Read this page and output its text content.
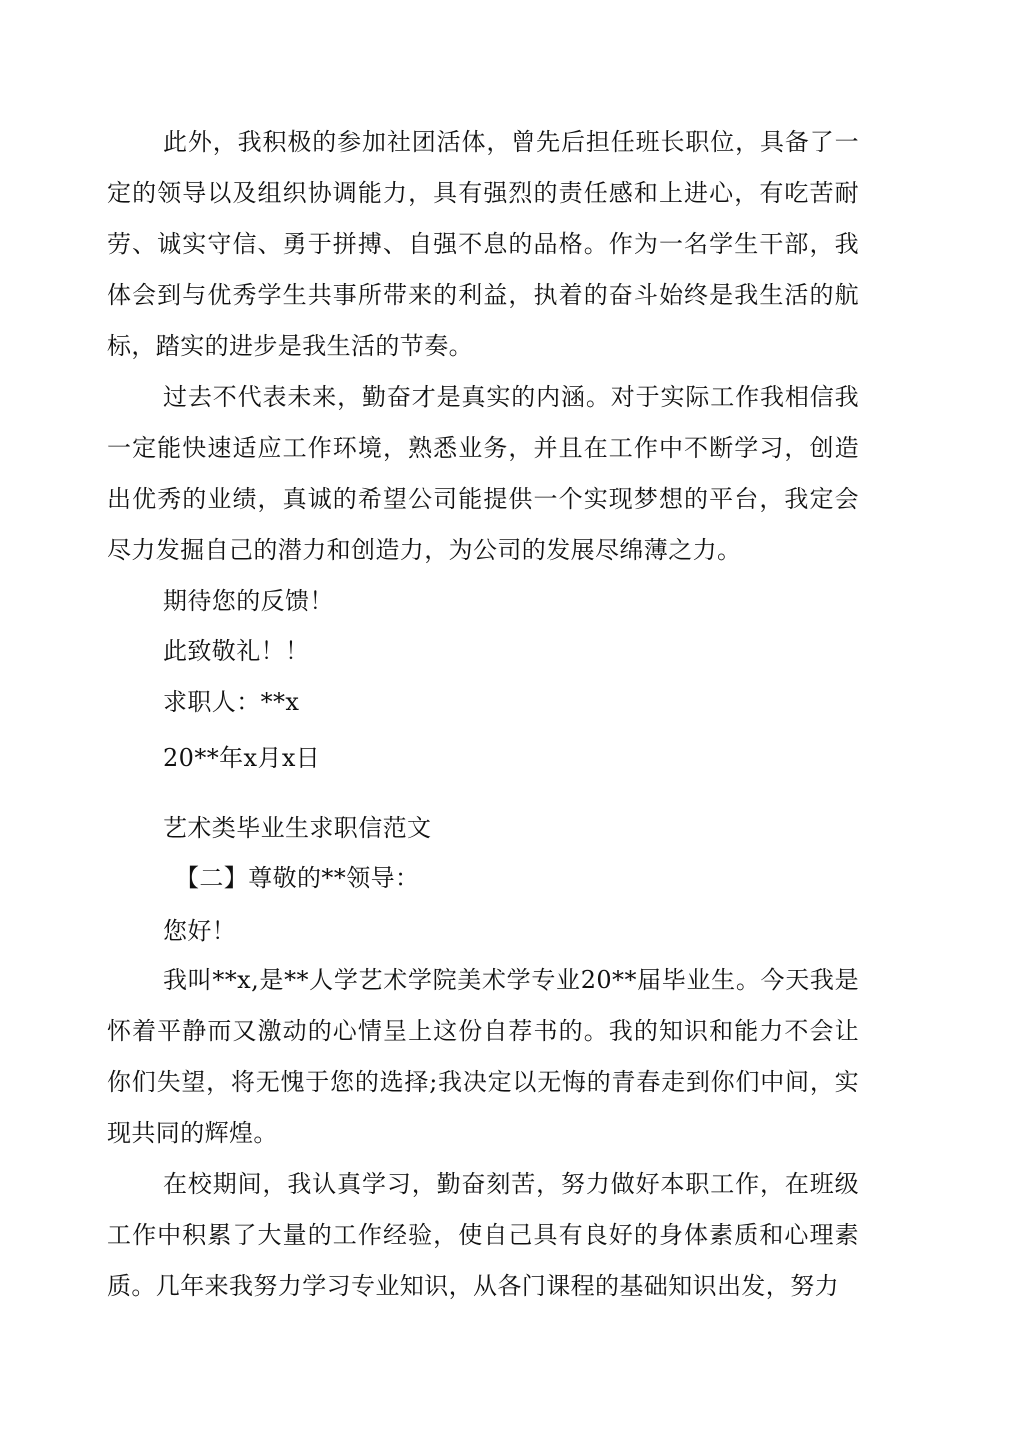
此外，我积极的参加社团活体，曾先后担任班长职位，具备了一定的领导以及组织协调能力，具有强烈的责任感和上进心，有吃苦耐劳、诚实守信、勇于拼搏、自强不息的品格。作为一名学生干部，我体会到与优秀学生共事所带来的利益，执着的奋斗始终是我生活的航标，踏实的进步是我生活的节奏。

过去不代表未来，勤奋才是真实的内涵。对于实际工作我相信我一定能快速适应工作环境，熟悉业务，并且在工作中不断学习，创造出优秀的业绩，真诚的希望公司能提供一个实现梦想的平台，我定会尽力发掘自己的潜力和创造力，为公司的发展尽绵薄之力。

期待您的反馈！

此致敬礼！！

求职人：**x

20**年x月x日

艺术类毕业生求职信范文

【二】尊敬的**领导：

您好！

我叫**x,是**人学艺术学院美术学专业20**届毕业生。今天我是怀着平静而又激动的心情呈上这份自荐书的。我的知识和能力不会让你们失望，将无愧于您的选择;我决定以无悔的青春走到你们中间，实现共同的辉煌。

在校期间，我认真学习，勤奋刻苦，努力做好本职工作，在班级工作中积累了大量的工作经验，使自己具有良好的身体素质和心理素质。几年来我努力学习专业知识，从各门课程的基础知识出发，努力
